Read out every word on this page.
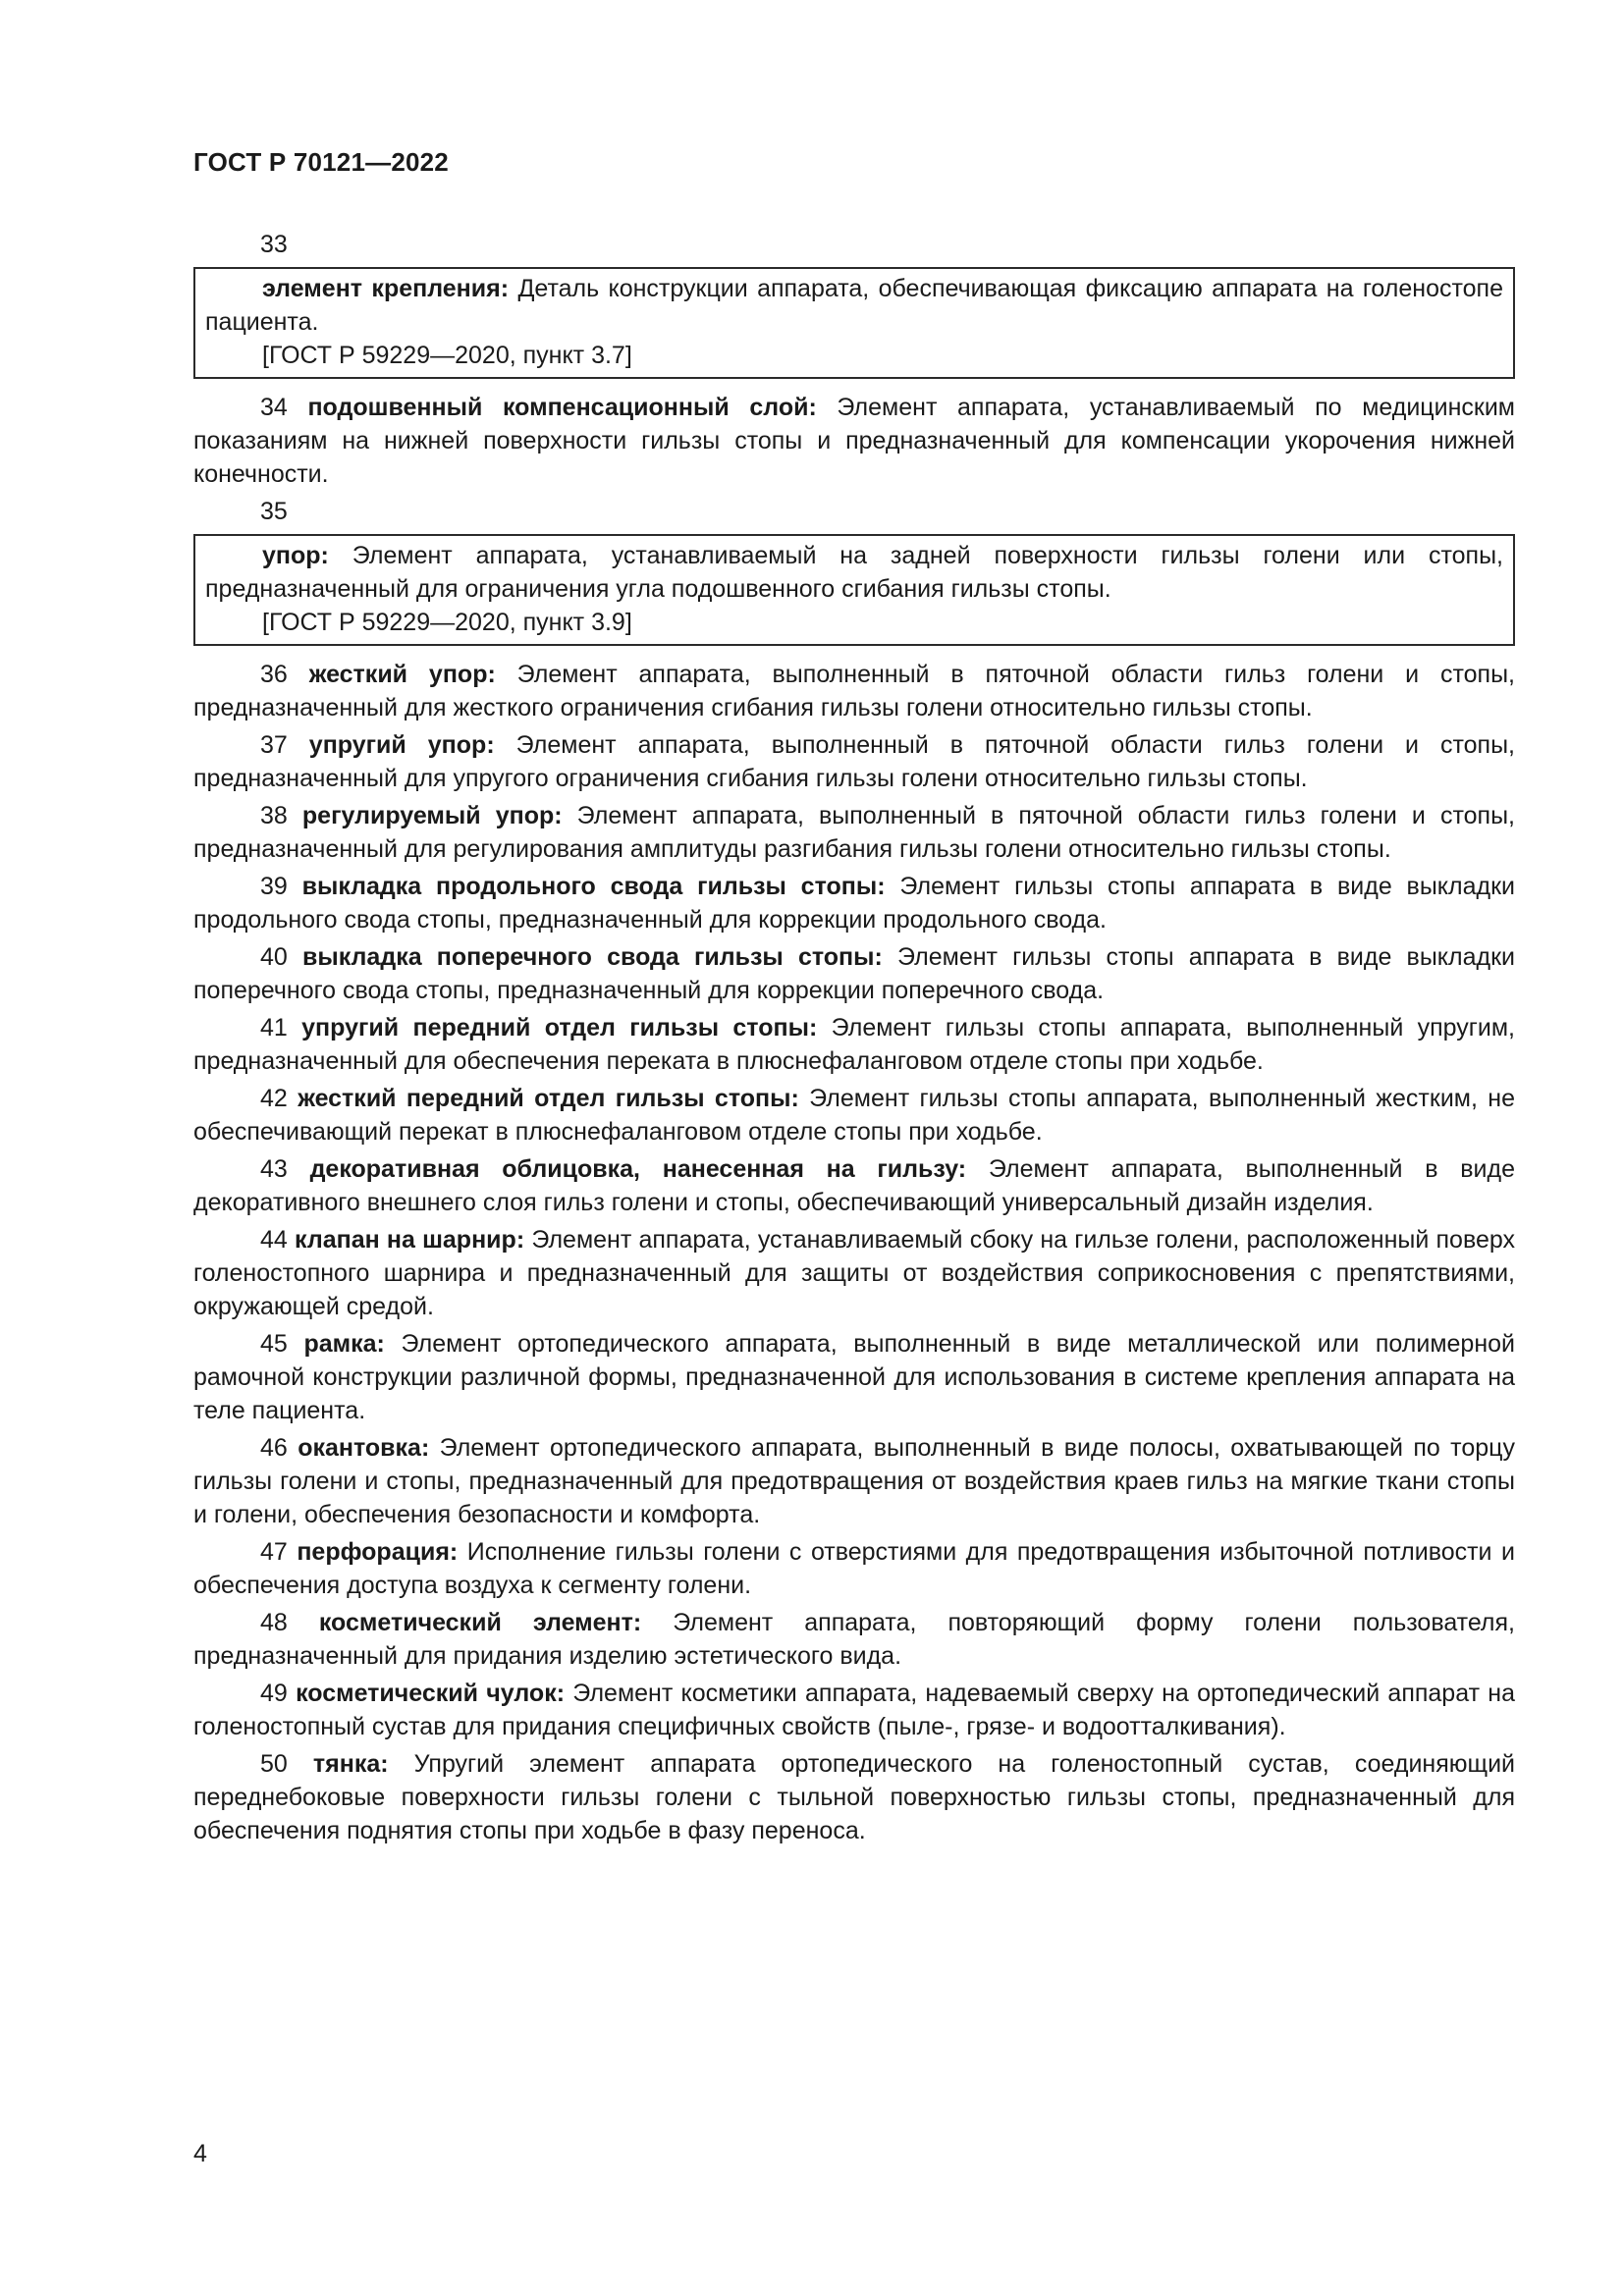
ГОСТ Р 70121—2022
33

элемент крепления: Деталь конструкции аппарата, обеспечивающая фиксацию аппарата на голеностопе пациента.

[ГОСТ Р 59229—2020, пункт 3.7]

34 подошвенный компенсационный слой: Элемент аппарата, устанавливаемый по медицинским показаниям на нижней поверхности гильзы стопы и предназначенный для компенсации укорочения нижней конечности.

35

упор: Элемент аппарата, устанавливаемый на задней поверхности гильзы голени или стопы, предназначенный для ограничения угла подошвенного сгибания гильзы стопы.

[ГОСТ Р 59229—2020, пункт 3.9]

36 жесткий упор: Элемент аппарата, выполненный в пяточной области гильз голени и стопы, предназначенный для жесткого ограничения сгибания гильзы голени относительно гильзы стопы.

37 упругий упор: Элемент аппарата, выполненный в пяточной области гильз голени и стопы, предназначенный для упругого ограничения сгибания гильзы голени относительно гильзы стопы.

38 регулируемый упор: Элемент аппарата, выполненный в пяточной области гильз голени и стопы, предназначенный для регулирования амплитуды разгибания гильзы голени относительно гильзы стопы.

39 выкладка продольного свода гильзы стопы: Элемент гильзы стопы аппарата в виде выкладки продольного свода стопы, предназначенный для коррекции продольного свода.

40 выкладка поперечного свода гильзы стопы: Элемент гильзы стопы аппарата в виде выкладки поперечного свода стопы, предназначенный для коррекции поперечного свода.

41 упругий передний отдел гильзы стопы: Элемент гильзы стопы аппарата, выполненный упругим, предназначенный для обеспечения переката в плюснефаланговом отделе стопы при ходьбе.

42 жесткий передний отдел гильзы стопы: Элемент гильзы стопы аппарата, выполненный жестким, не обеспечивающий перекат в плюснефаланговом отделе стопы при ходьбе.

43 декоративная облицовка, нанесенная на гильзу: Элемент аппарата, выполненный в виде декоративного внешнего слоя гильз голени и стопы, обеспечивающий универсальный дизайн изделия.

44 клапан на шарнир: Элемент аппарата, устанавливаемый сбоку на гильзе голени, расположенный поверх голеностопного шарнира и предназначенный для защиты от воздействия соприкосновения с препятствиями, окружающей средой.

45 рамка: Элемент ортопедического аппарата, выполненный в виде металлической или полимерной рамочной конструкции различной формы, предназначенной для использования в системе крепления аппарата на теле пациента.

46 окантовка: Элемент ортопедического аппарата, выполненный в виде полосы, охватывающей по торцу гильзы голени и стопы, предназначенный для предотвращения от воздействия краев гильз на мягкие ткани стопы и голени, обеспечения безопасности и комфорта.

47 перфорация: Исполнение гильзы голени с отверстиями для предотвращения избыточной потливости и обеспечения доступа воздуха к сегменту голени.

48 косметический элемент: Элемент аппарата, повторяющий форму голени пользователя, предназначенный для придания изделию эстетического вида.

49 косметический чулок: Элемент косметики аппарата, надеваемый сверху на ортопедический аппарат на голеностопный сустав для придания специфичных свойств (пыле-, грязе- и водоотталкивания).

50 тянка: Упругий элемент аппарата ортопедического на голеностопный сустав, соединяющий переднебоковые поверхности гильзы голени с тыльной поверхностью гильзы стопы, предназначенный для обеспечения поднятия стопы при ходьбе в фазу переноса.

4
